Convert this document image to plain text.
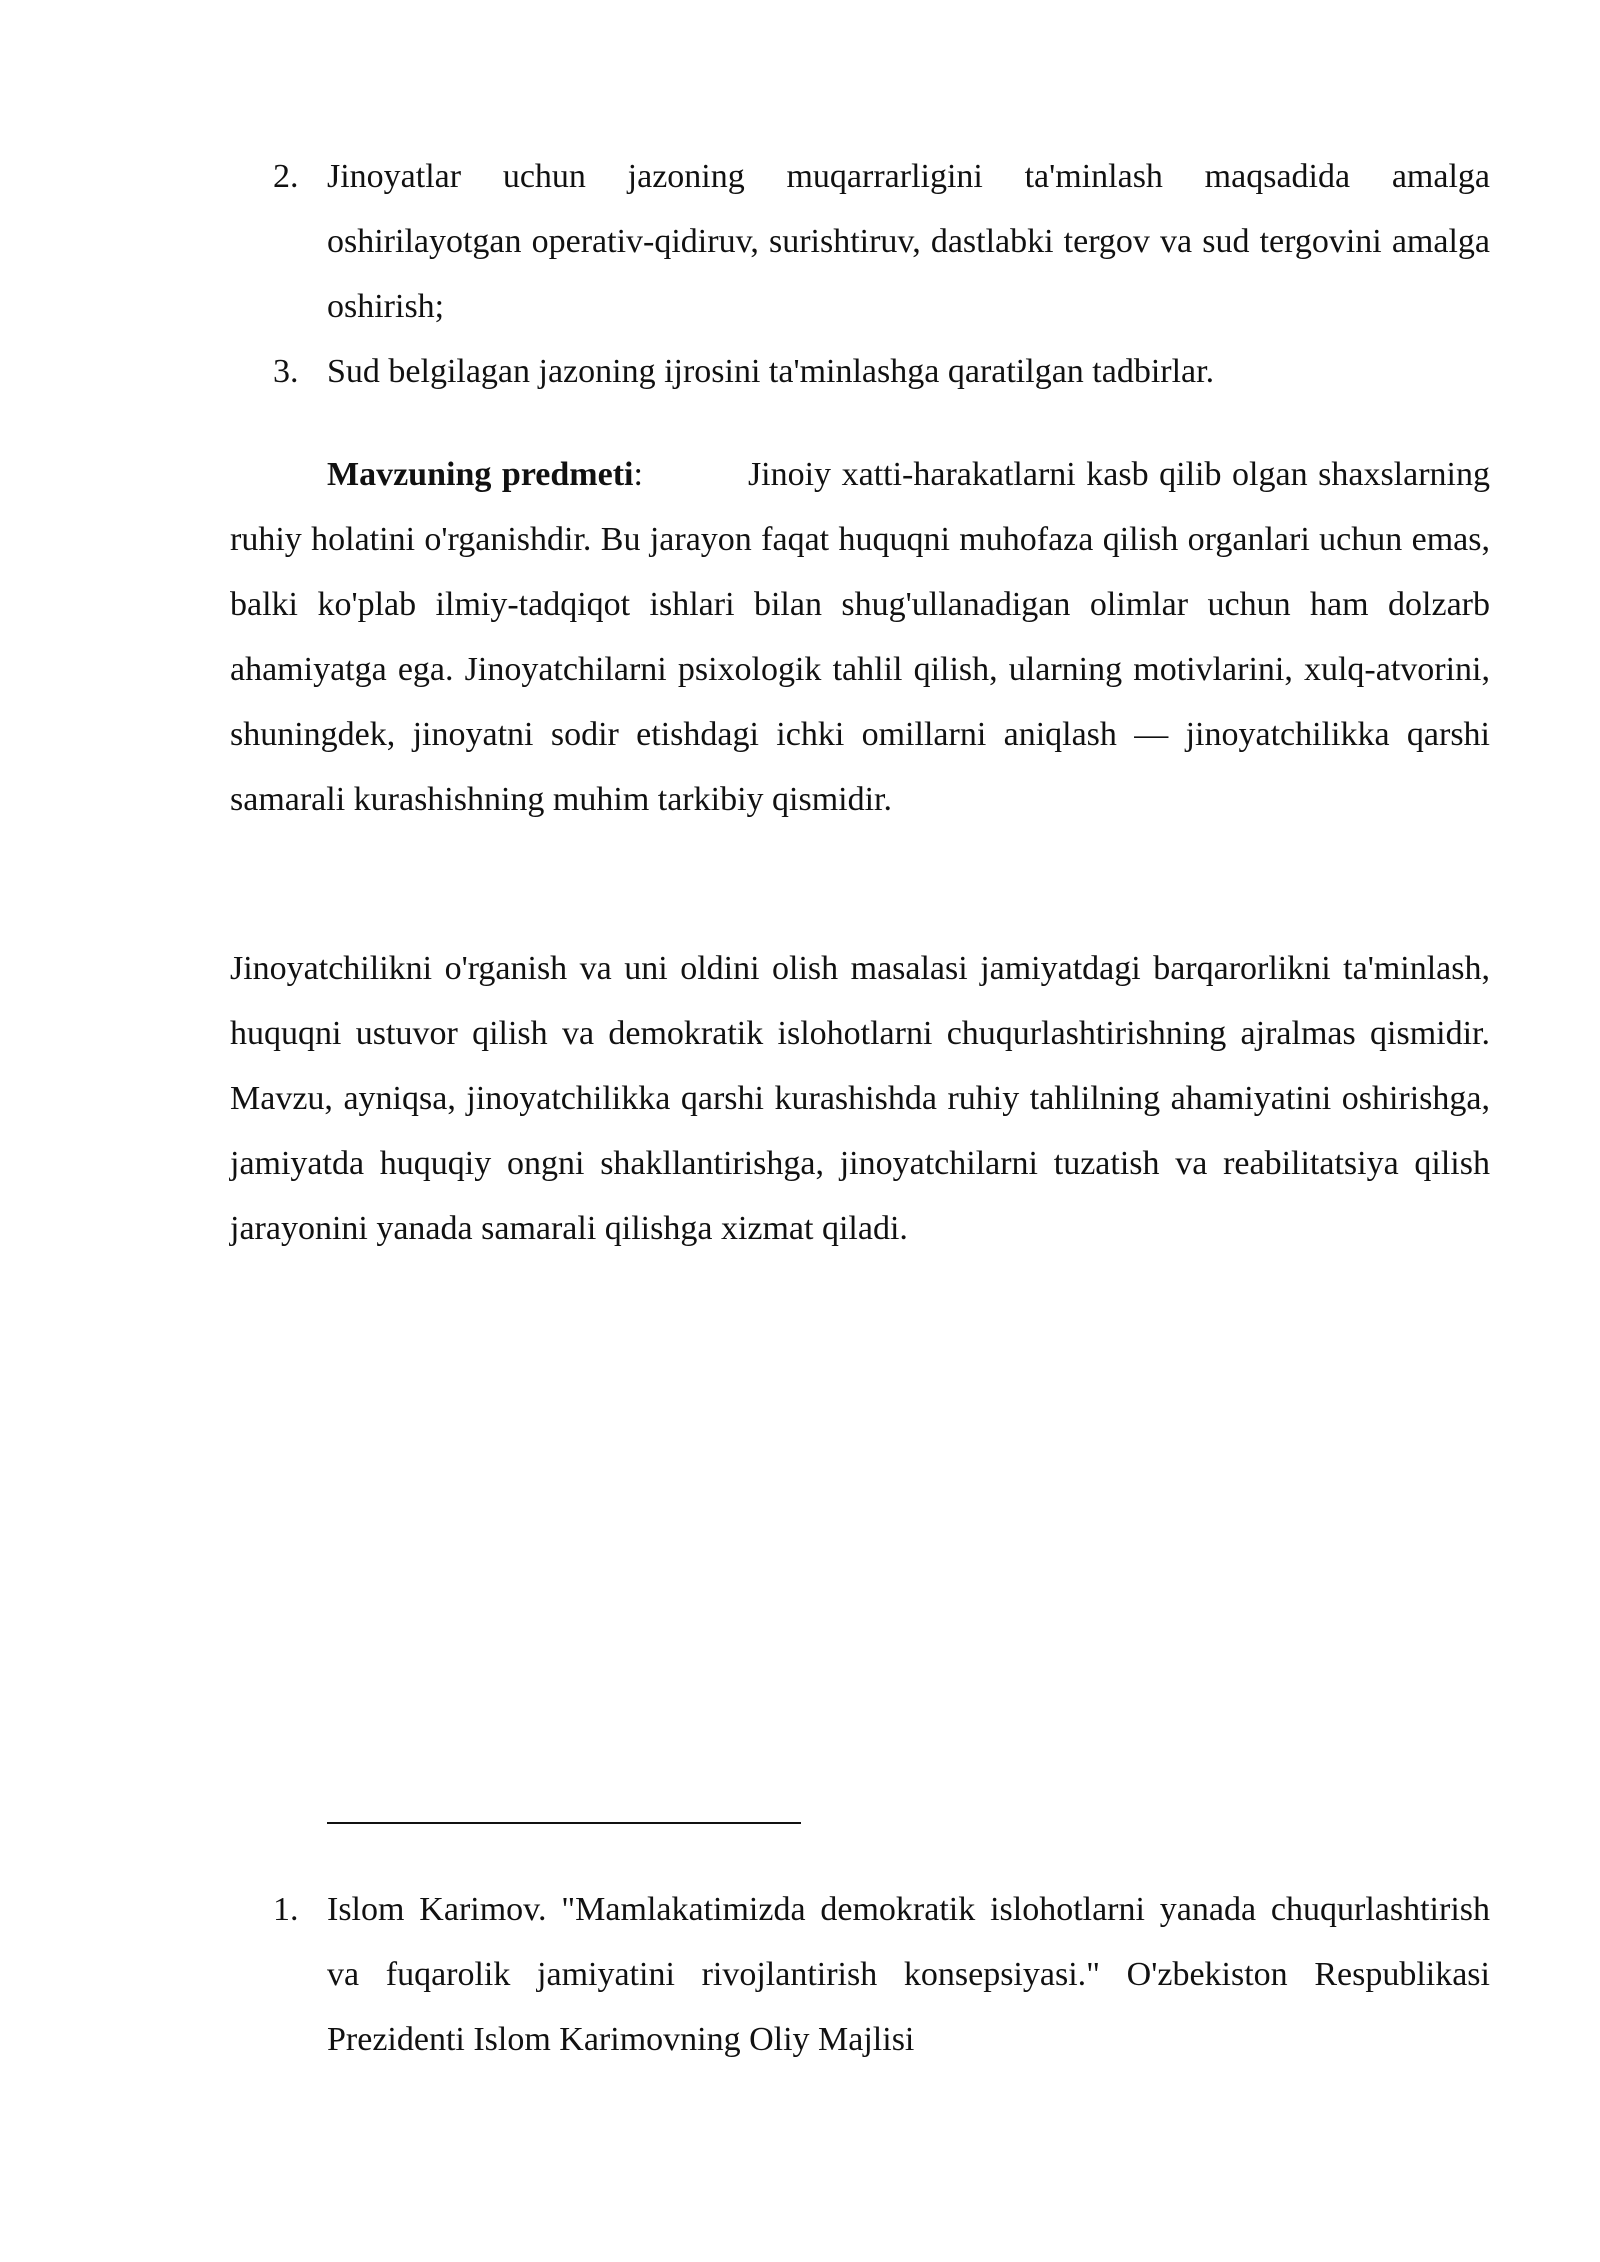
2. Jinoyatlar uchun jazoning muqarrarligini ta'minlash maqsadida amalga oshirilayotgan operativ-qidiruv, surishtiruv, dastlabki tergov va sud tergovini amalga oshirish;
3. Sud belgilagan jazoning ijrosini ta'minlashga qaratilgan tadbirlar.

Mavzuning predmeti:	Jinoiy xatti-harakatlarni kasb qilib olgan shaxslarning ruhiy holatini o'rganishdir. Bu jarayon faqat huquqni muhofaza qilish organlari uchun emas, balki ko'plab ilmiy-tadqiqot ishlari bilan shug'ullanadigan olimlar uchun ham dolzarb ahamiyatga ega. Jinoyatchilarni psixologik tahlil qilish, ularning motivlarini, xulq-atvorini, shuningdek, jinoyatni sodir etishdagi ichki omillarni aniqlash — jinoyatchilikka qarshi samarali kurashishning muhim tarkibiy qismidir.

Jinoyatchilikni o'rganish va uni oldini olish masalasi jamiyatdagi barqarorlikni ta'minlash, huquqni ustuvor qilish va demokratik islohotlarni chuqurlashtirishning ajralmas qismidir. Mavzu, ayniqsa, jinoyatchilikka qarshi kurashishda ruhiy tahlilning ahamiyatini oshirishga, jamiyatda huquqiy ongni shakllantirishga, jinoyatchilarni tuzatish va reabilitatsiya qilish jarayonini yanada samarali qilishga xizmat qiladi.

1. Islom Karimov. "Mamlakatimizda demokratik islohotlarni yanada chuqurlashtirish va fuqarolik jamiyatini rivojlantirish konsepsiyasi." O'zbekiston Respublikasi Prezidenti Islom Karimovning Oliy Majlisi
